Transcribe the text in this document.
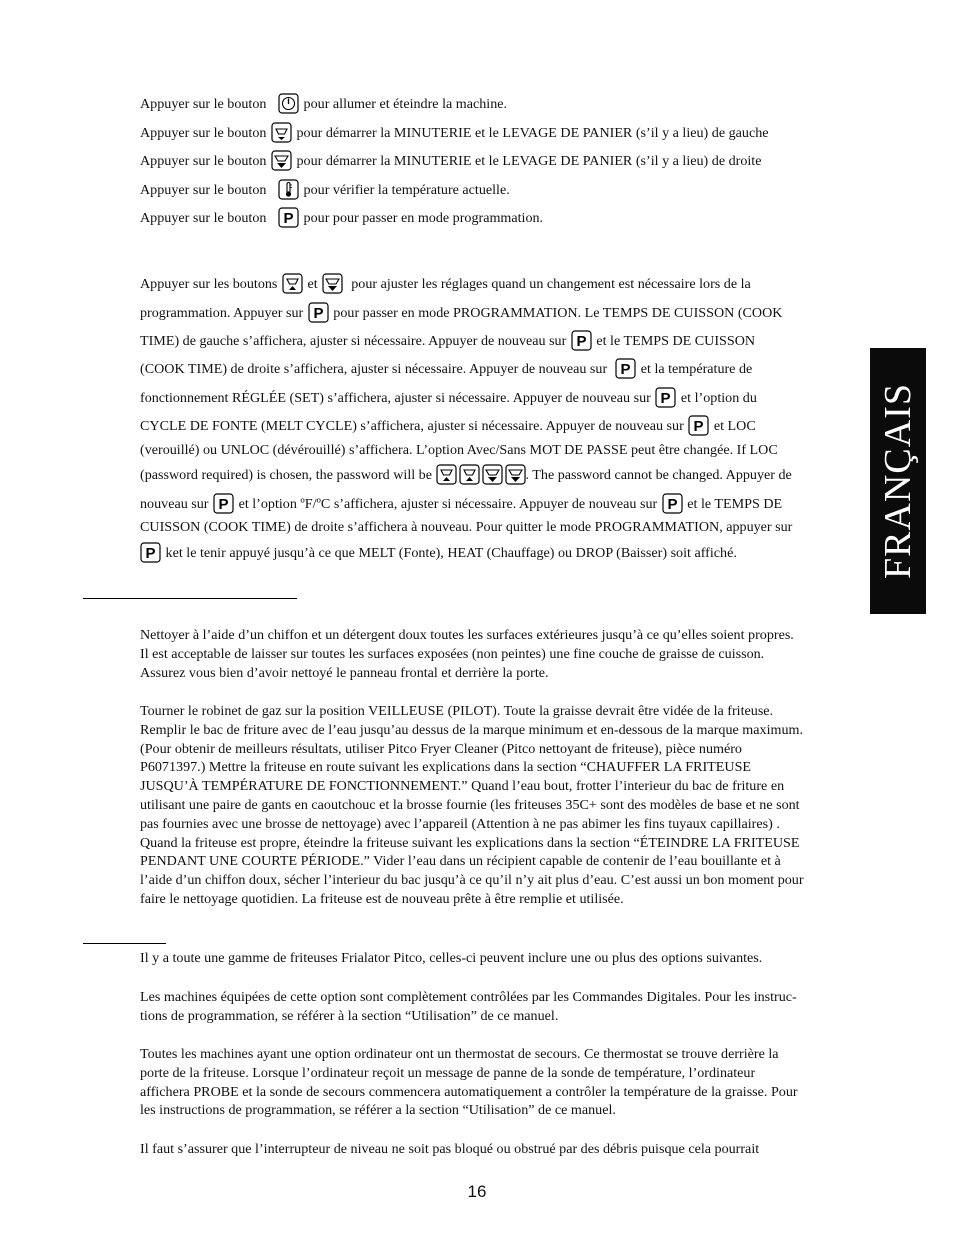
Appuyer sur le bouton	pour allumer et éteindre la machine.
Appuyer sur le bouton pour démarrer la MINUTERIE et le LEVAGE DE PANIER (s’il y a lieu) de gauche
Appuyer sur le bouton pour démarrer la MINUTERIE et le LEVAGE DE PANIER (s’il y a lieu) de droite
Appuyer sur le bouton	pour vérifier la température actuelle.
Appuyer sur le bouton P pour pour passer en mode programmation.
Appuyer sur les boutons et pour ajuster les réglages quand un changement est nécessaire lors de la
programmation. Appuyer sur P pour passer en mode PROGRAMMATION. Le TEMPS DE CUISSON (COOK
TIME) de gauche s’affichera, ajuster si nécessaire. Appuyer de nouveau sur P et le TEMPS DE CUISSON
(COOK TIME) de droite s’affichera, ajuster si nécessaire. Appuyer de nouveau sur P et la température de
fonctionnement RÉGLÉE (SET) s’affichera, ajuster si nécessaire. Appuyer de nouveau sur P et l’option du
CYCLE DE FONTE (MELT CYCLE) s’affichera, ajuster si nécessaire. Appuyer de nouveau sur P et LOC
(verouillé) ou UNLOC (dévérouillé) s’affichera. L’option Avec/Sans MOT DE PASSE peut être changée. If LOC
(password required) is chosen, the password will be	. The password cannot be changed. Appuyer de
nouveau sur P et l’option ºF/ºC s’affichera, ajuster si nécessaire. Appuyer de nouveau sur P et le TEMPS DE
CUISSON (COOK TIME) de droite s’affichera à nouveau. Pour quitter le mode PROGRAMMATION, appuyer sur
P ket le tenir appuyé jusqu’à ce que MELT (Fonte), HEAT (Chauffage) ou DROP (Baisser) soit affiché.
Nettoyer à l’aide d’un chiffon et un détergent doux toutes les surfaces extérieures jusqu’à ce qu’elles soient propres.
Il est acceptable de laisser sur toutes les surfaces exposées (non peintes) une fine couche de graisse de cuisson.
Assurez vous bien d’avoir nettoyé le panneau frontal et derrière la porte.
Tourner le robinet de gaz sur la position VEILLEUSE (PILOT). Toute la graisse devrait être vidée de la friteuse.
Remplir le bac de friture avec de l’eau jusqu’au dessus de la marque minimum et en-dessous de la marque maximum.
(Pour obtenir de meilleurs résultats, utiliser Pitco Fryer Cleaner (Pitco nettoyant de friteuse), pièce numéro
P6071397.) Mettre la friteuse en route suivant les explications dans la section “CHAUFFER LA FRITEUSE
JUSQU’À TEMPÉRATURE DE FONCTIONNEMENT.” Quand l’eau bout, frotter l’interieur du bac de friture en
utilisant une paire de gants en caoutchouc et la brosse fournie (les friteuses 35C+ sont des modèles de base et ne sont
pas fournies avec une brosse de nettoyage) avec l’appareil (Attention à ne pas abimer les fins tuyaux capillaires) .
Quand la friteuse est propre, éteindre la friteuse suivant les explications dans la section “ÉTEINDRE LA FRITEUSE
PENDANT UNE COURTE PÉRIODE.” Vider l’eau dans un récipient capable de contenir de l’eau bouillante et à
l’aide d’un chiffon doux, sécher l’interieur du bac jusqu’à ce qu’il n’y ait plus d’eau. C’est aussi un bon moment pour
faire le nettoyage quotidien. La friteuse est de nouveau prête à être remplie et utilisée.
Il y a toute une gamme de friteuses Frialator Pitco, celles-ci peuvent inclure une ou plus des options suivantes.
Les machines équipées de cette option sont complètement contrôlées par les Commandes Digitales. Pour les instruc-
tions de programmation, se référer à la section “Utilisation” de ce manuel.
Toutes les machines ayant une option ordinateur ont un thermostat de secours. Ce thermostat se trouve derrière la
porte de la friteuse. Lorsque l’ordinateur reçoit un message de panne de la sonde de température, l’ordinateur
affichera PROBE et la sonde de secours commencera automatiquement a contrôler la température de la graisse. Pour
les instructions de programmation, se référer a la section “Utilisation” de ce manuel.
Il faut s’assurer que l’interrupteur de niveau ne soit pas bloqué ou obstrué par des débris puisque cela pourrait
FRANÇAIS
16
